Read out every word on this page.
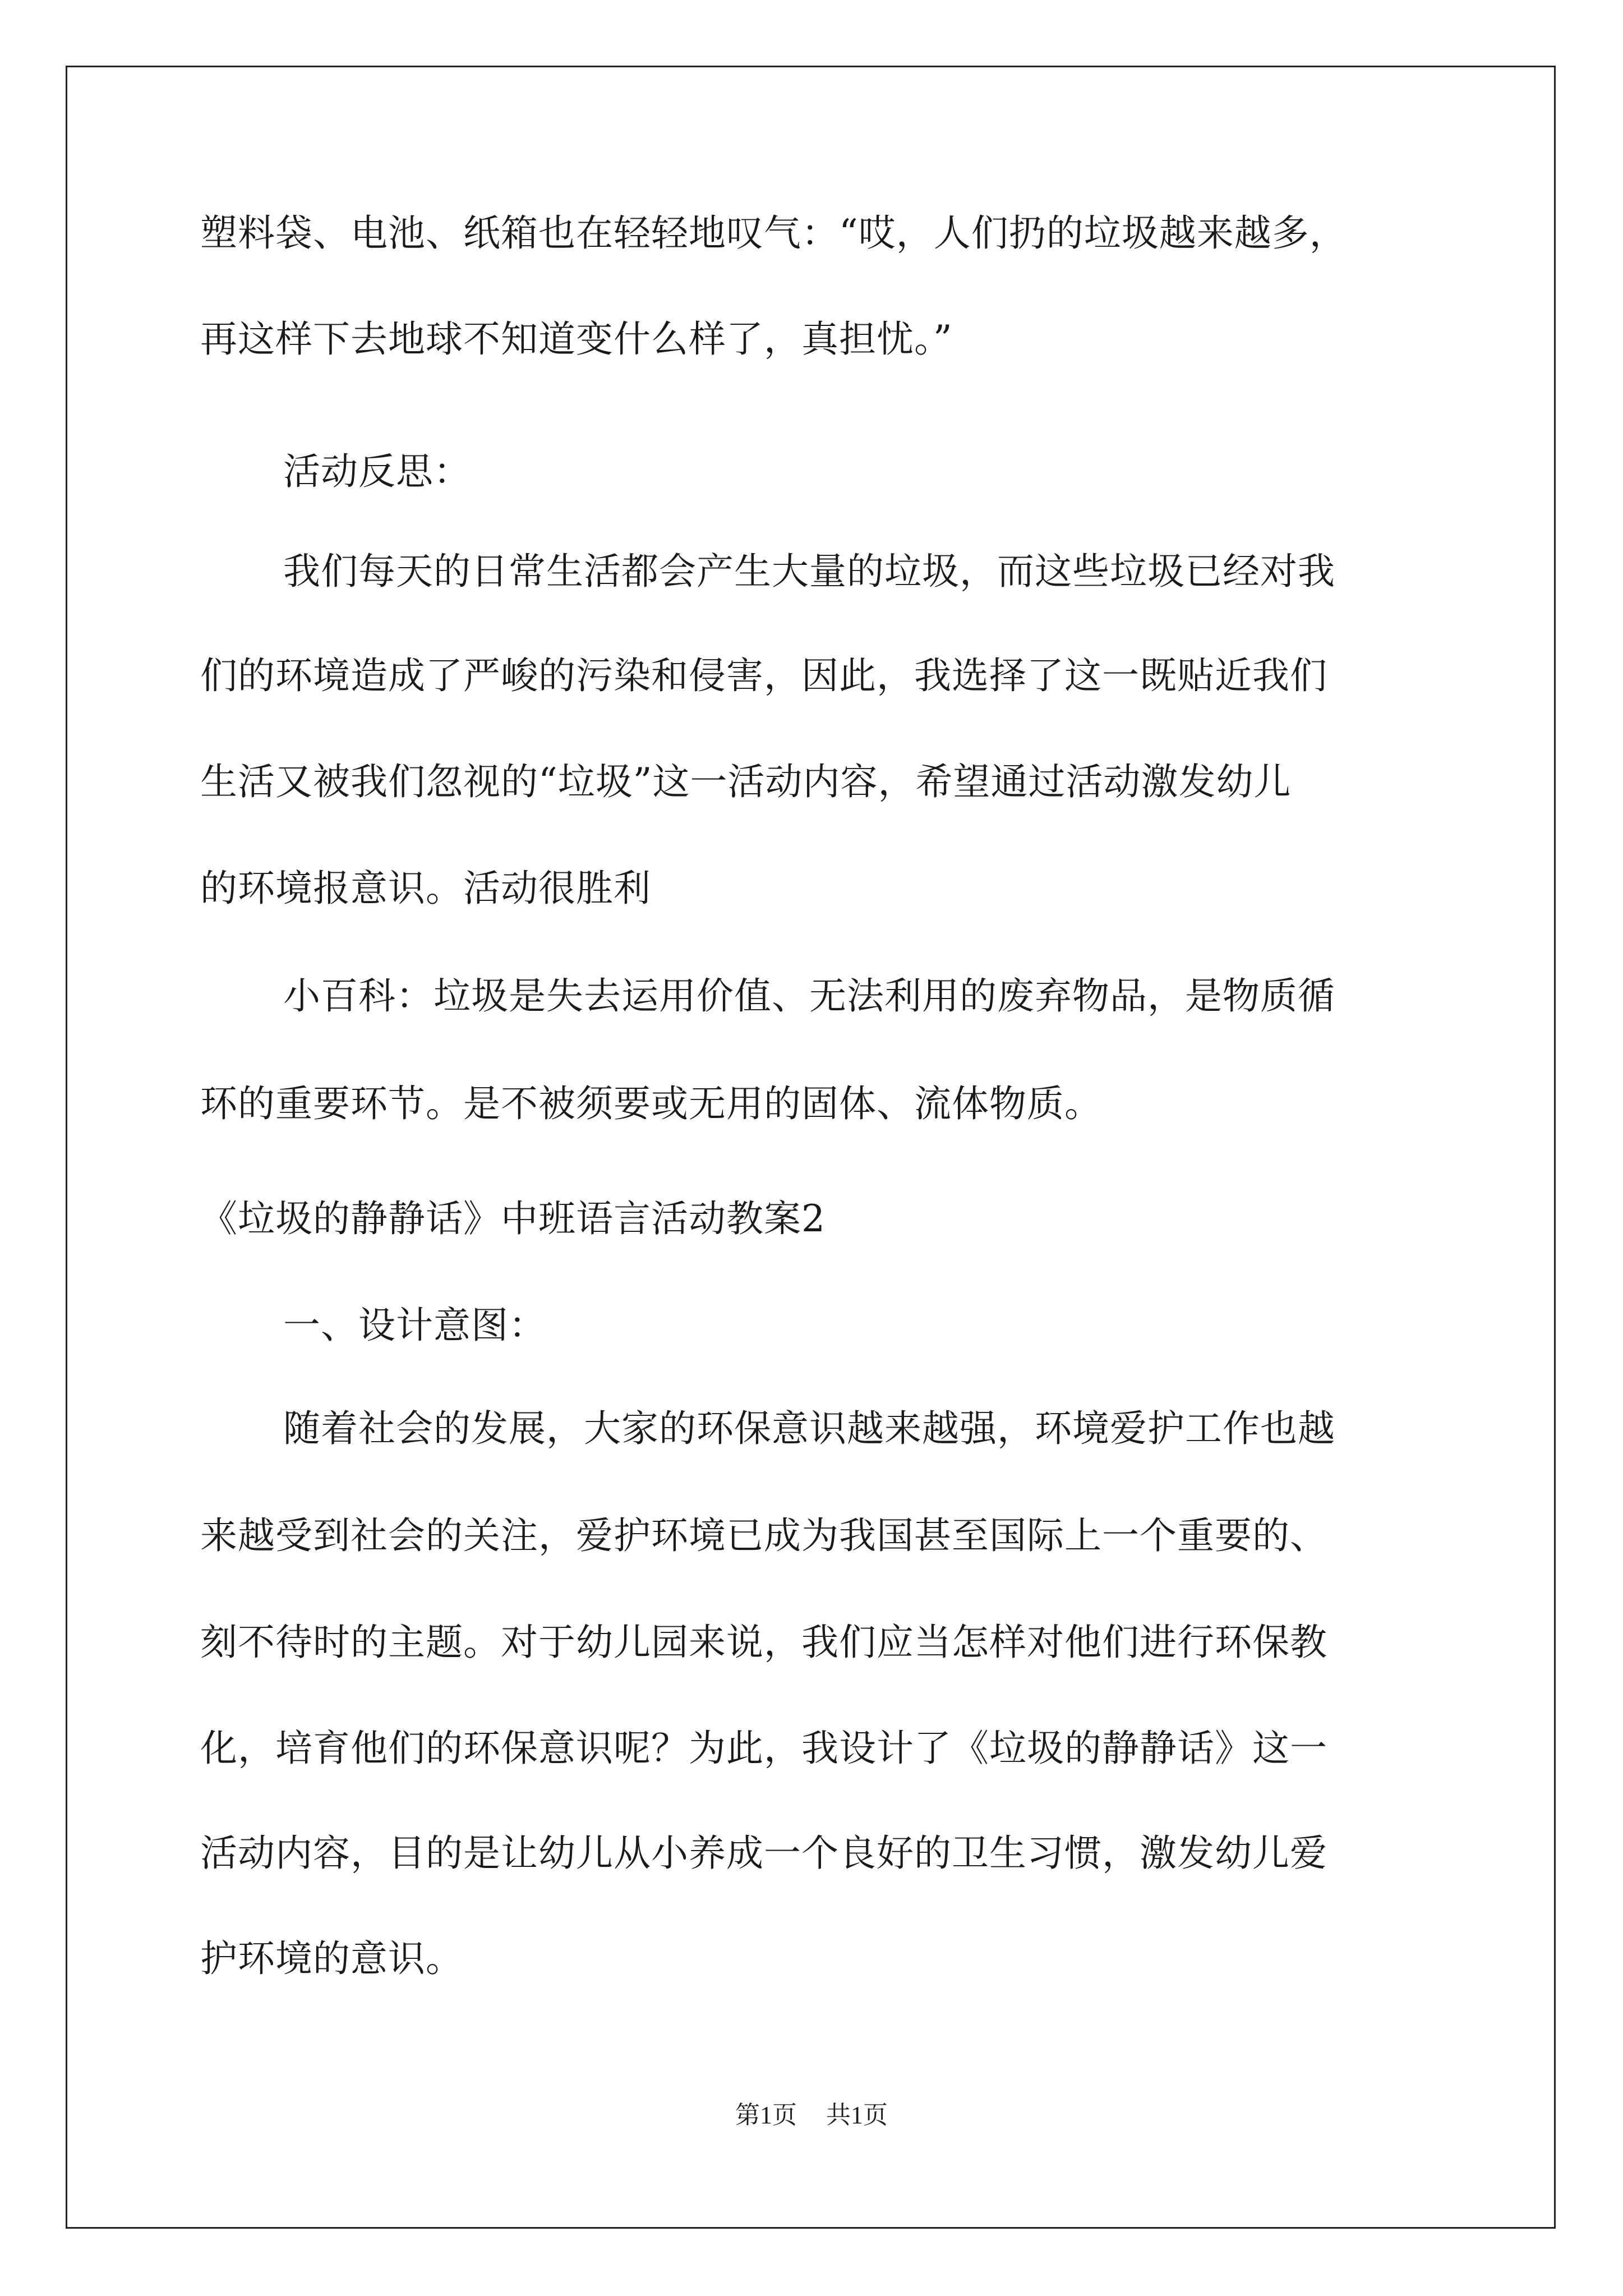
塑料袋、电池、纸箱也在轻轻地叹气：“哎，人们扔的垃圾越来越多，
再这样下去地球不知道变什么样了，真担忧。”
活动反思：
我们每天的日常生活都会产生大量的垃圾，而这些垃圾已经对我
们的环境造成了严峻的污染和侵害，因此，我选择了这一既贴近我们
生活又被我们忽视的“垃圾”这一活动内容，希望通过活动激发幼儿
的环境报意识。活动很胜利
小百科：垃圾是失去运用价值、无法利用的废弃物品，是物质循
环的重要环节。是不被须要或无用的固体、流体物质。
《垃圾的静静话》中班语言活动教案2
一、设计意图：
随着社会的发展，大家的环保意识越来越强，环境爱护工作也越
来越受到社会的关注，爱护环境已成为我国甚至国际上一个重要的、
刻不待时的主题。对于幼儿园来说，我们应当怎样对他们进行环保教
化，培育他们的环保意识呢？为此，我设计了《垃圾的静静话》这一
活动内容，目的是让幼儿从小养成一个良好的卫生习惯，激发幼儿爱
护环境的意识。
第1页 共1页
